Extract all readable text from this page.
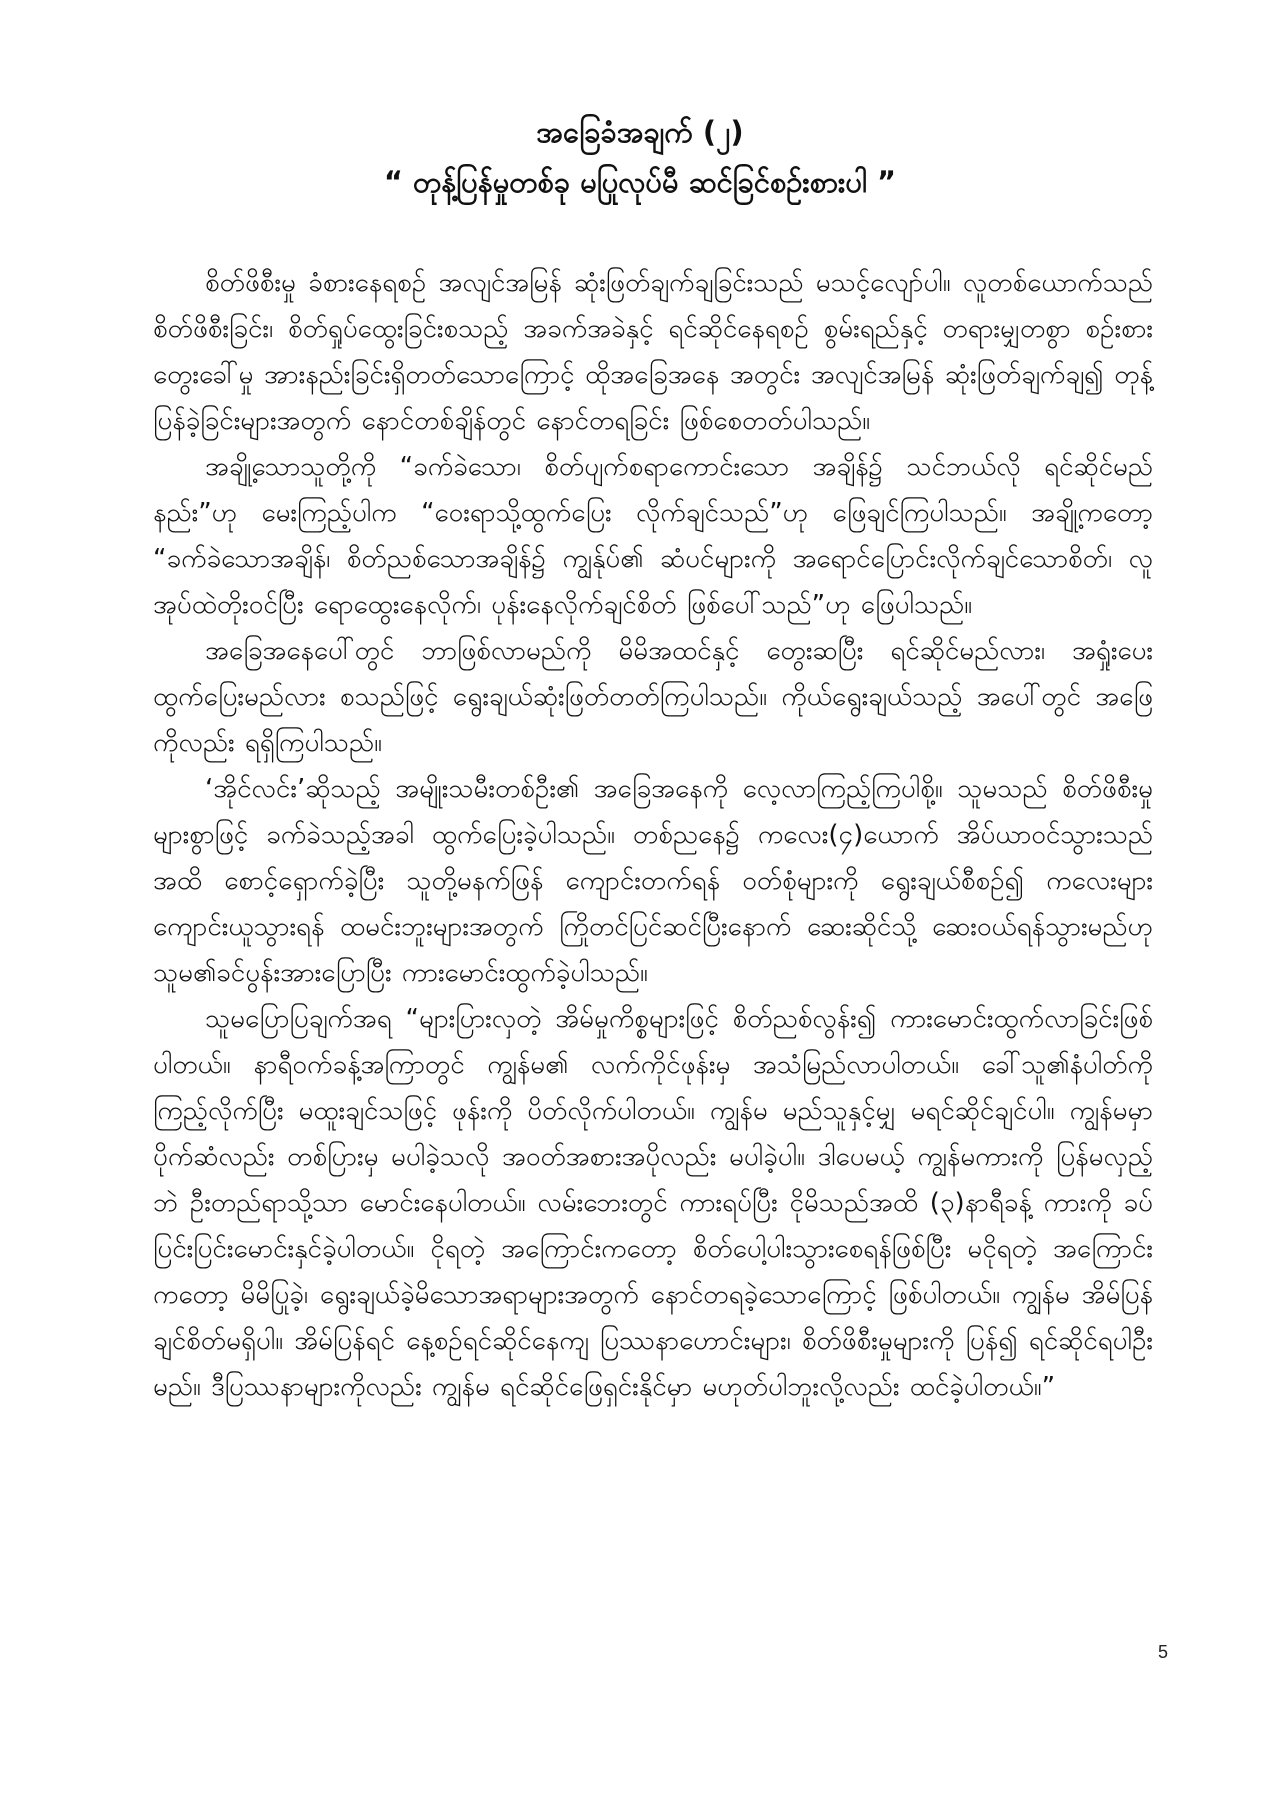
အခြေခံအချက် (၂)
“ တုန့်ပြန်မှုတစ်ခု မပြုလုပ်မီ ဆင်ခြင်စဉ်းစားပါ ”

စိတ်ဖိစီးမှု ခံစားနေရစဉ် အလျင်အမြန် ဆုံးဖြတ်ချက်ချခြင်းသည် မသင့်လျော်ပါ။ လူတစ်ယောက်သည် စိတ်ဖိစီးခြင်း၊ စိတ်ရှုပ်ထွေးခြင်းစသည့် အခက်အခဲနှင့် ရင်ဆိုင်နေရစဉ် စွမ်းရည်နှင့် တရားမျှတစွာ စဉ်းစားတွေးခေါ်မှု အားနည်းခြင်းရှိတတ်သောကြောင့် ထိုအခြေအနေ အတွင်း အလျင်အမြန် ဆုံးဖြတ်ချက်ချ၍ တုန့်ပြန်ခဲ့ခြင်းများအတွက် နောင်တစ်ချိန်တွင် နောင်တရခြင်း ဖြစ်စေတတ်ပါသည်။

အချို့သောသူတို့ကို “ခက်ခဲသော၊ စိတ်ပျက်စရာကောင်းသော အချိန်၌ သင်ဘယ်လို ရင်ဆိုင်မည်နည်း”ဟု မေးကြည့်ပါက “ဝေးရာသို့ထွက်ပြေး လိုက်ချင်သည်”ဟု ဖြေချင်ကြပါသည်။ အချို့ကတော့ “ခက်ခဲသောအချိန်၊ စိတ်ညစ်သောအချိန်၌ ကျွန်ုပ်၏ ဆံပင်များကို အရောင်ပြောင်းလိုက်ချင်သောစိတ်၊ လူအုပ်ထဲတိုးဝင်ပြီး ရောထွေးနေလိုက်၊ ပုန်းနေလိုက်ချင်စိတ် ဖြစ်ပေါ်သည်”ဟု ဖြေပါသည်။

အခြေအနေပေါ်တွင် ဘာဖြစ်လာမည်ကို မိမိအထင်နှင့် တွေးဆပြီး ရင်ဆိုင်မည်လား၊ အရှုံးပေးထွက်ပြေးမည်လား စသည်ဖြင့် ရွေးချယ်ဆုံးဖြတ်တတ်ကြပါသည်။ ကိုယ်ရွေးချယ်သည့် အပေါ်တွင် အဖြေကိုလည်း ရရှိကြပါသည်။

‘အိုင်လင်း’ဆိုသည့် အမျိုးသမီးတစ်ဦး၏ အခြေအနေကို လေ့လာကြည့်ကြပါစို့။ သူမသည် စိတ်ဖိစီးမှုများစွာဖြင့် ခက်ခဲသည့်အခါ ထွက်ပြေးခဲ့ပါသည်။ တစ်ညနေ၌ ကလေး(၄)ယောက် အိပ်ယာဝင်သွားသည်အထိ စောင့်ရှောက်ခဲ့ပြီး သူတို့မနက်ဖြန် ကျောင်းတက်ရန် ဝတ်စုံများကို ရွေးချယ်စီစဉ်၍ ကလေးများကျောင်းယူသွားရန် ထမင်းဘူးများအတွက် ကြိုတင်ပြင်ဆင်ပြီးနောက် ဆေးဆိုင်သို့ ဆေးဝယ်ရန်သွားမည်ဟု သူမ၏ခင်ပွန်းအားပြောပြီး ကားမောင်းထွက်ခဲ့ပါသည်။

သူမပြောပြချက်အရ “များပြားလှတဲ့ အိမ်မှုကိစ္စများဖြင့် စိတ်ညစ်လွန်း၍ ကားမောင်းထွက်လာခြင်းဖြစ်ပါတယ်။ နာရီဝက်ခန့်အကြာတွင် ကျွန်မ၏ လက်ကိုင်ဖုန်းမှ အသံမြည်လာပါတယ်။ ခေါ်သူ၏နံပါတ်ကို ကြည့်လိုက်ပြီး မထူးချင်သဖြင့် ဖုန်းကို ပိတ်လိုက်ပါတယ်။ ကျွန်မ မည်သူနှင့်မျှ မရင်ဆိုင်ချင်ပါ။ ကျွန်မမှာ ပိုက်ဆံလည်း တစ်ပြားမှ မပါခဲ့သလို အဝတ်အစားအပိုလည်း မပါခဲ့ပါ။ ဒါပေမယ့် ကျွန်မကားကို ပြန်မလှည့်ဘဲ ဦးတည်ရာသို့သာ မောင်းနေပါတယ်။ လမ်းဘေးတွင် ကားရပ်ပြီး ငိုမိသည်အထိ (၃)နာရီခန့် ကားကို ခပ်ပြင်းပြင်းမောင်းနှင်ခဲ့ပါတယ်။ ငိုရတဲ့ အကြောင်းကတော့ စိတ်ပေါ့ပါးသွားစေရန်ဖြစ်ပြီး မငိုရတဲ့ အကြောင်းကတော့ မိမိပြုခဲ့၊ ရွေးချယ်ခဲ့မိသောအရာများအတွက် နောင်တရခဲ့သောကြောင့် ဖြစ်ပါတယ်။ ကျွန်မ အိမ်ပြန်ချင်စိတ်မရှိပါ။ အိမ်ပြန်ရင် နေ့စဉ်ရင်ဆိုင်နေကျ ပြဿနာဟောင်းများ၊ စိတ်ဖိစီးမှုများကို ပြန်၍ ရင်ဆိုင်ရပါဦးမည်။ ဒီပြဿနာများကိုလည်း ကျွန်မ ရင်ဆိုင်ဖြေရှင်းနိုင်မှာ မဟုတ်ပါဘူးလို့လည်း ထင်ခဲ့ပါတယ်။”

5
